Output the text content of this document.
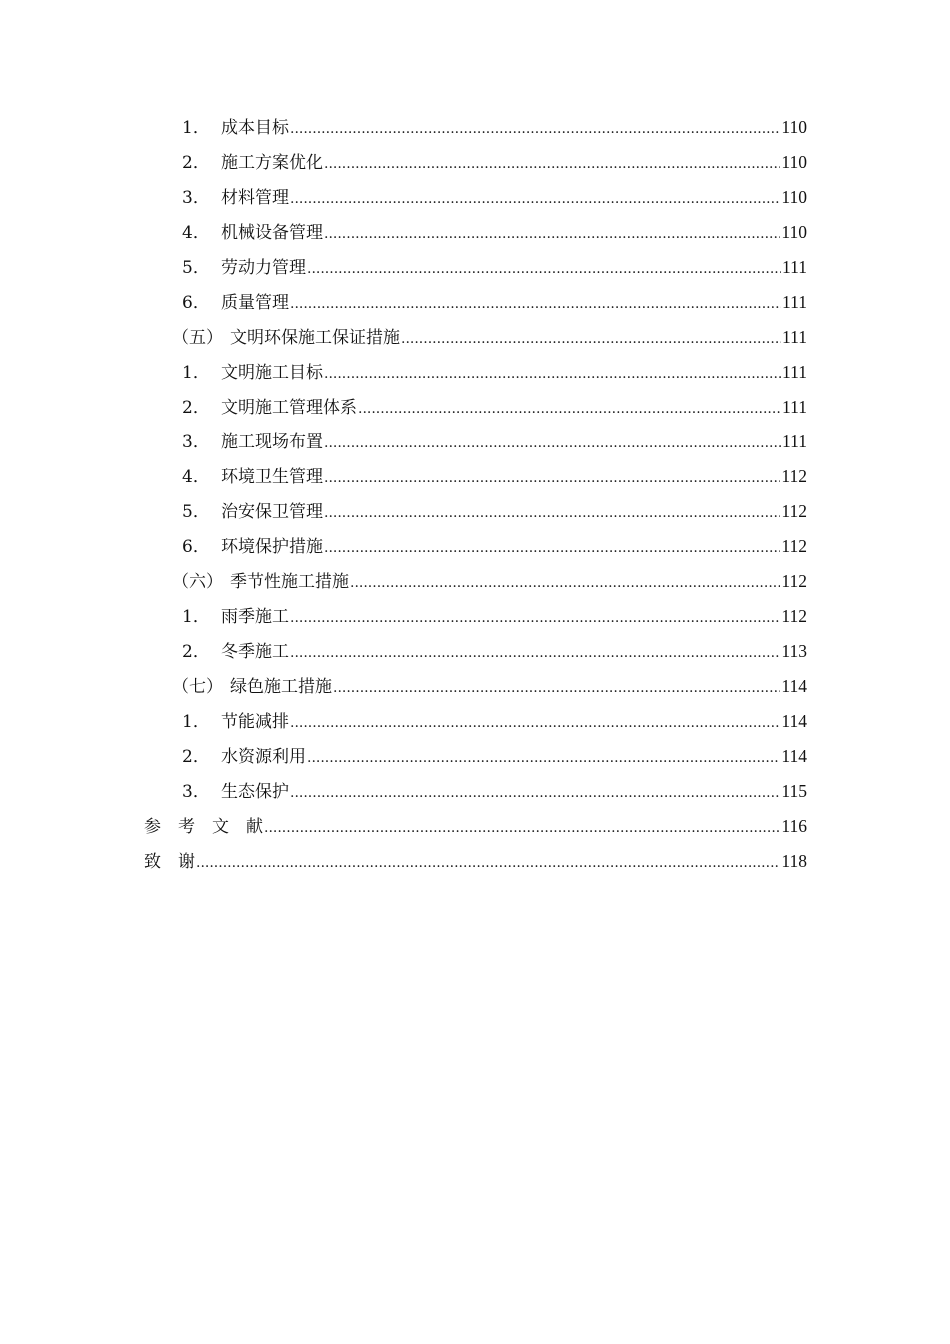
1． 成本目标 .....	110
2． 施工方案优化 .....	110
3． 材料管理 .....	110
4． 机械设备管理 .....	110
5． 劳动力管理 .....	111
6． 质量管理 .....	111
（五） 文明环保施工保证措施 .....	111
1． 文明施工目标 .....	111
2． 文明施工管理体系 .....	111
3． 施工现场布置 .....	111
4． 环境卫生管理 .....	112
5． 治安保卫管理 .....	112
6． 环境保护措施 .....	112
（六） 季节性施工措施 .....	112
1． 雨季施工 .....	112
2． 冬季施工 .....	113
（七） 绿色施工措施 .....	114
1． 节能减排 .....	114
2． 水资源利用 .....	114
3． 生态保护 .....	115
参　考　文　献 .....	116
致　谢 .....	118
